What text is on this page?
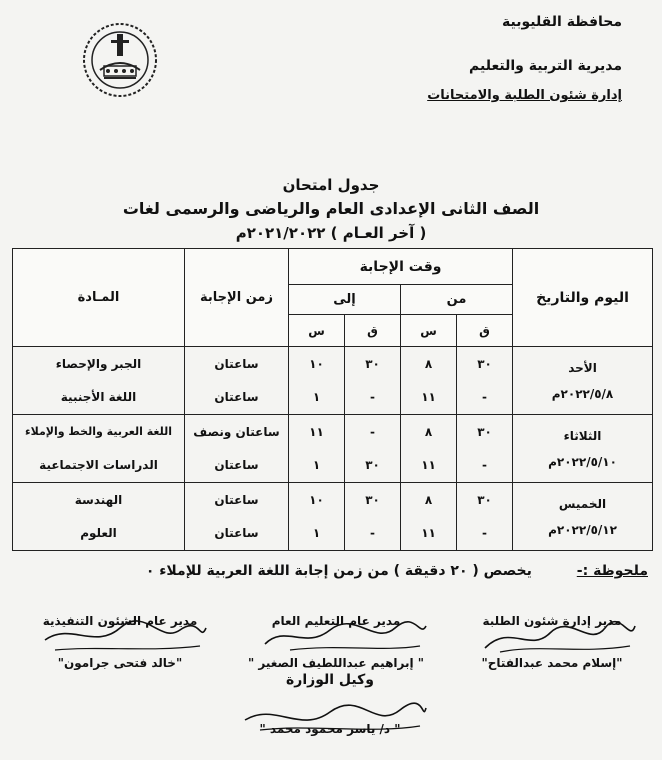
محافظة القليوبية
مديرية التربية والتعليم
إدارة شئون الطلبة والامتحانات
جدول امتحان
الصف الثانى الإعدادى العام والرياضى والرسمى لغات
( آخر العـام ) ٢٠٢١/٢٠٢٢م
اليوم والتاريخ	وقت الإجابة				زمن الإجابة	المـادة
	من		إلى			
	ق	س	ق	س		

الأحد
٢٠٢٢/٥/٨م	٣٠	٨	٣٠	١٠	ساعتان	الجبر والإحصاء
	-	١١	-	١	ساعتان	اللغة الأجنبية

الثلاثاء
٢٠٢٢/٥/١٠م	٣٠	٨	-	١١	ساعتان ونصف	اللغة العربية والخط والإملاء
	-	١١	٣٠	١	ساعتان	الدراسات الاجتماعية

الخميس
٢٠٢٢/٥/١٢م	٣٠	٨	٣٠	١٠	ساعتان	الهندسة
	-	١١	-	١	ساعتان	العلوم
ملحوظة :- يخصص ( ٢٠ دقيقة ) من زمن إجابة اللغة العربية للإملاء ٠
مدير إدارة شئون الطلبة
"إسلام محمد عبدالفتاح"
مدير عام التعليم العام
" إبراهيم عبداللطيف الصغير "
مدير عام الشئون التنفيذية
"خالد فتحى جرامون"
وكيل الوزارة
" د/ ياسر محمود محمد "
